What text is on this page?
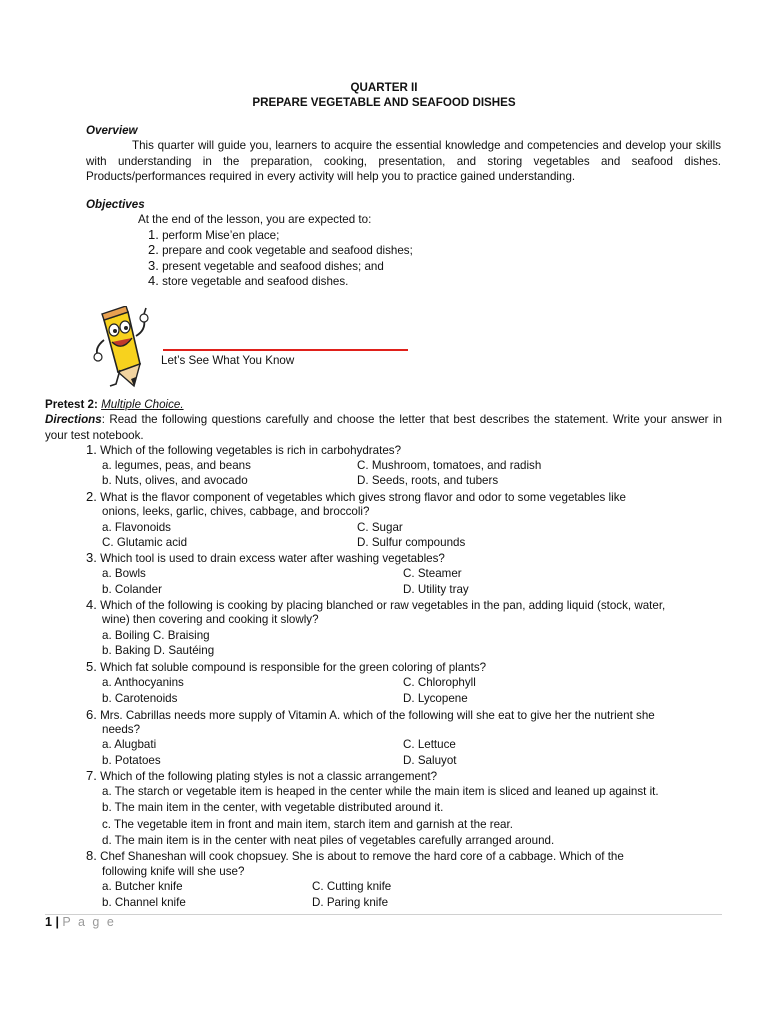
QUARTER II
PREPARE VEGETABLE AND SEAFOOD DISHES
Overview
This quarter will guide you, learners to acquire the essential knowledge and competencies and develop your skills with understanding in the preparation, cooking, presentation, and storing vegetables and seafood dishes. Products/performances required in every activity will help you to practice gained understanding.
Objectives
At the end of the lesson, you are expected to:
1. perform Mise’en place;
2. prepare and cook vegetable and seafood dishes;
3. present vegetable and seafood dishes; and
4. store vegetable and seafood dishes.
Let’s See What You Know
Pretest 2: Multiple Choice.
Directions: Read the following questions carefully and choose the letter that best describes the statement. Write your answer in your test notebook.
1. Which of the following vegetables is rich in carbohydrates?
a. legumes, peas, and beans	C. Mushroom, tomatoes, and radish
b. Nuts, olives, and avocado	D. Seeds, roots, and tubers
2. What is the flavor component of vegetables which gives strong flavor and odor to some vegetables like
onions, leeks, garlic, chives, cabbage, and broccoli?
a. Flavonoids	C. Sugar
C. Glutamic acid	D. Sulfur compounds
3. Which tool is used to drain excess water after washing vegetables?
a. Bowls	C. Steamer
b. Colander	D. Utility tray
4. Which of the following is cooking by placing blanched or raw vegetables in the pan, adding liquid (stock, water,
wine) then covering and cooking it slowly?
a. Boiling C. Braising
b. Baking D. Sautéing
5. Which fat soluble compound is responsible for the green coloring of plants?
a. Anthocyanins	C. Chlorophyll
b. Carotenoids	D. Lycopene
6. Mrs. Cabrillas needs more supply of Vitamin A. which of the following will she eat to give her the nutrient she
needs?
a. Alugbati	C. Lettuce
b. Potatoes	D. Saluyot
7. Which of the following plating styles is not a classic arrangement?
a. The starch or vegetable item is heaped in the center while the main item is sliced and leaned up against it.
b. The main item in the center, with vegetable distributed around it.
c. The vegetable item in front and main item, starch item and garnish at the rear.
d. The main item is in the center with neat piles of vegetables carefully arranged around.
8. Chef Shaneshan will cook chopsuey. She is about to remove the hard core of a cabbage. Which of the
following knife will she use?
a. Butcher knife	C. Cutting knife
b. Channel knife	D. Paring knife
1 | P a g e
